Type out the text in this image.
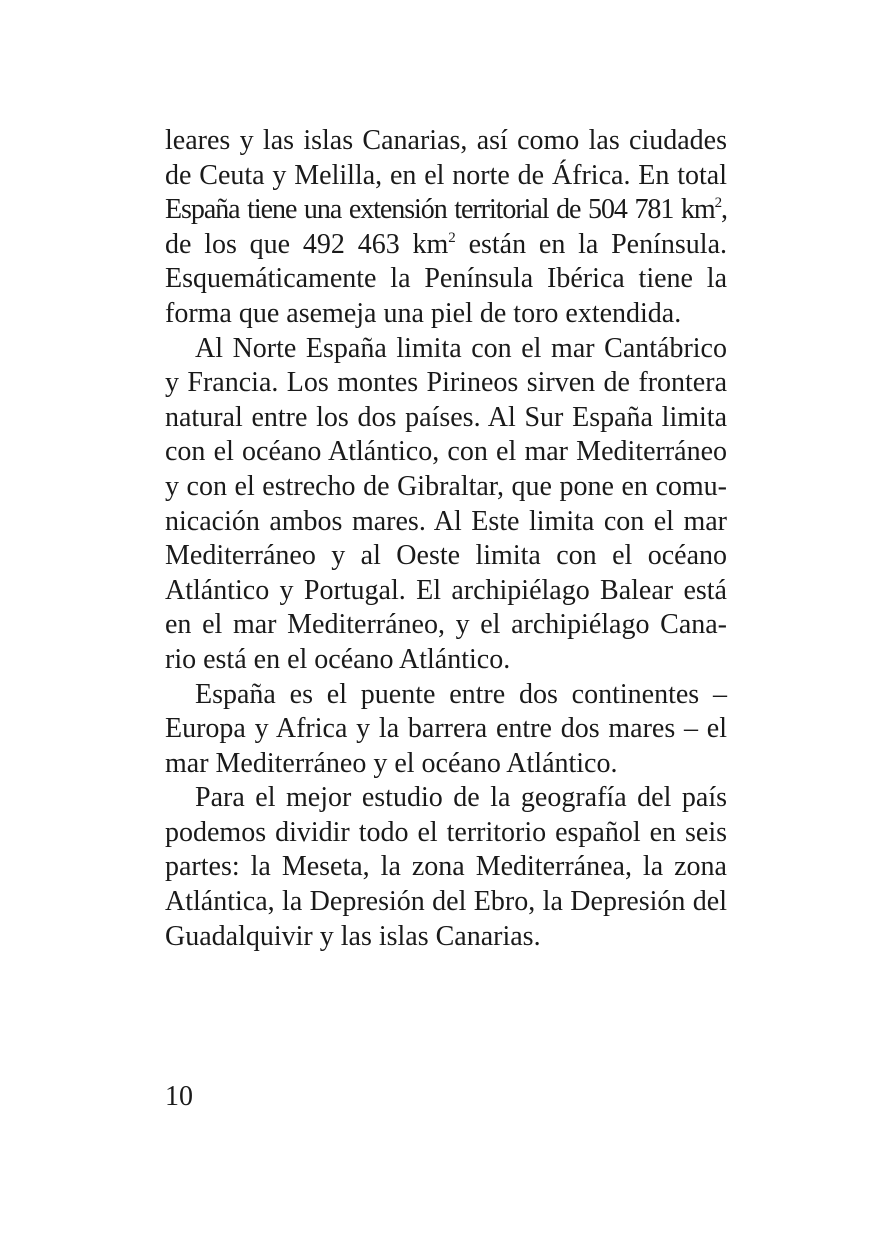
leares y las islas Canarias, así como las ciudades
de Ceuta y Melilla, en el norte de África. En total
España tiene una extensión territorial de 504 781 $km^2$,
de los que 492 463 $km^2$ están en la Península.
Esquemáticamente la Península Ibérica tiene la
forma que asemeja una piel de toro extendida.
Al Norte España limita con el mar Cantábrico
y Francia. Los montes Pirineos sirven de frontera
natural entre los dos países. Al Sur España limita
con el océano Atlántico, con el mar Mediterráneo
y con el estrecho de Gibraltar, que pone en comu-
nicación ambos mares. Al Este limita con el mar
Mediterráneo y al Oeste limita con el océano
Atlántico y Portugal. El archipiélago Balear está
en el mar Mediterráneo, y el archipiélago Cana-
rio está en el océano Atlántico.
España es el puente entre dos continentes –
Europa y Africa y la barrera entre dos mares – el
mar Mediterráneo y el océano Atlántico.
Para el mejor estudio de la geografía del país
podemos dividir todo el territorio español en seis
partes: la Meseta, la zona Mediterránea, la zona
Atlántica, la Depresión del Ebro, la Depresión del
Guadalquivir y las islas Canarias.
10
